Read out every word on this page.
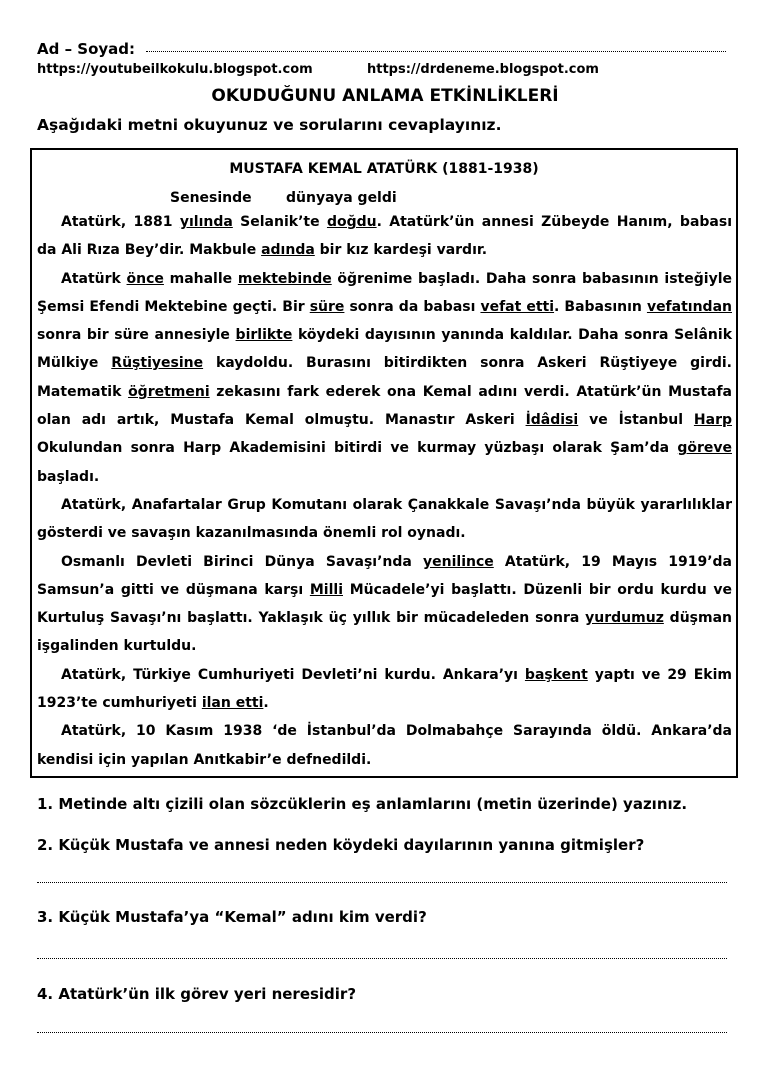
Ad – Soyad:
https://youtubeilkokulu.blogspot.com	https://drdeneme.blogspot.com
OKUDUĞUNU ANLAMA ETKİNLİKLERİ
Aşağıdaki metni okuyunuz ve sorularını cevaplayınız.
MUSTAFA KEMAL ATATÜRK (1881-1938)
Senesinde dünyaya geldi

Atatürk, 1881 yılında Selanik’te doğdu. Atatürk’ün annesi Zübeyde Hanım, babası da Ali Rıza Bey’dir. Makbule adında bir kız kardeşi vardır.

Atatürk önce mahalle mektebinde öğrenime başladı. Daha sonra babasının isteğiyle Şemsi Efendi Mektebine geçti. Bir süre sonra da babası vefat etti. Babasının vefatından sonra bir süre annesiyle birlikte köydeki dayısının yanında kaldılar. Daha sonra Selânik Mülkiye Rüştiyesine kaydoldu. Burasını bitirdikten sonra Askeri Rüştiyeye girdi. Matematik öğretmeni zekasını fark ederek ona Kemal adını verdi. Atatürk’ün Mustafa olan adı artık, Mustafa Kemal olmuştu. Manastır Askeri İdâdisi ve İstanbul Harp Okulundan sonra Harp Akademisini bitirdi ve kurmay yüzbaşı olarak Şam’da göreve başladı.

Atatürk, Anafartalar Grup Komutanı olarak Çanakkale Savaşı’nda büyük yararlılıklar gösterdi ve savaşın kazanılmasında önemli rol oynadı.

Osmanlı Devleti Birinci Dünya Savaşı’nda yenilince Atatürk, 19 Mayıs 1919’da Samsun’a gitti ve düşmana karşı Milli Mücadele’yi başlattı. Düzenli bir ordu kurdu ve Kurtuluş Savaşı’nı başlattı. Yaklaşık üç yıllık bir mücadeleden sonra yurdumuz düşman işgalinden kurtuldu.

Atatürk, Türkiye Cumhuriyeti Devleti’ni kurdu. Ankara’yı başkent yaptı ve 29 Ekim 1923’te cumhuriyeti ilan etti.

Atatürk, 10 Kasım 1938 ‘de İstanbul’da Dolmabahçe Sarayında öldü. Ankara’da kendisi için yapılan Anıtkabir’e defnedildi.

1. Metinde altı çizili olan sözcüklerin eş anlamlarını (metin üzerinde) yazınız.
2. Küçük Mustafa ve annesi neden köydeki dayılarının yanına gitmişler?
3. Küçük Mustafa’ya “Kemal” adını kim verdi?
4. Atatürk’ün ilk görev yeri neresidir?
